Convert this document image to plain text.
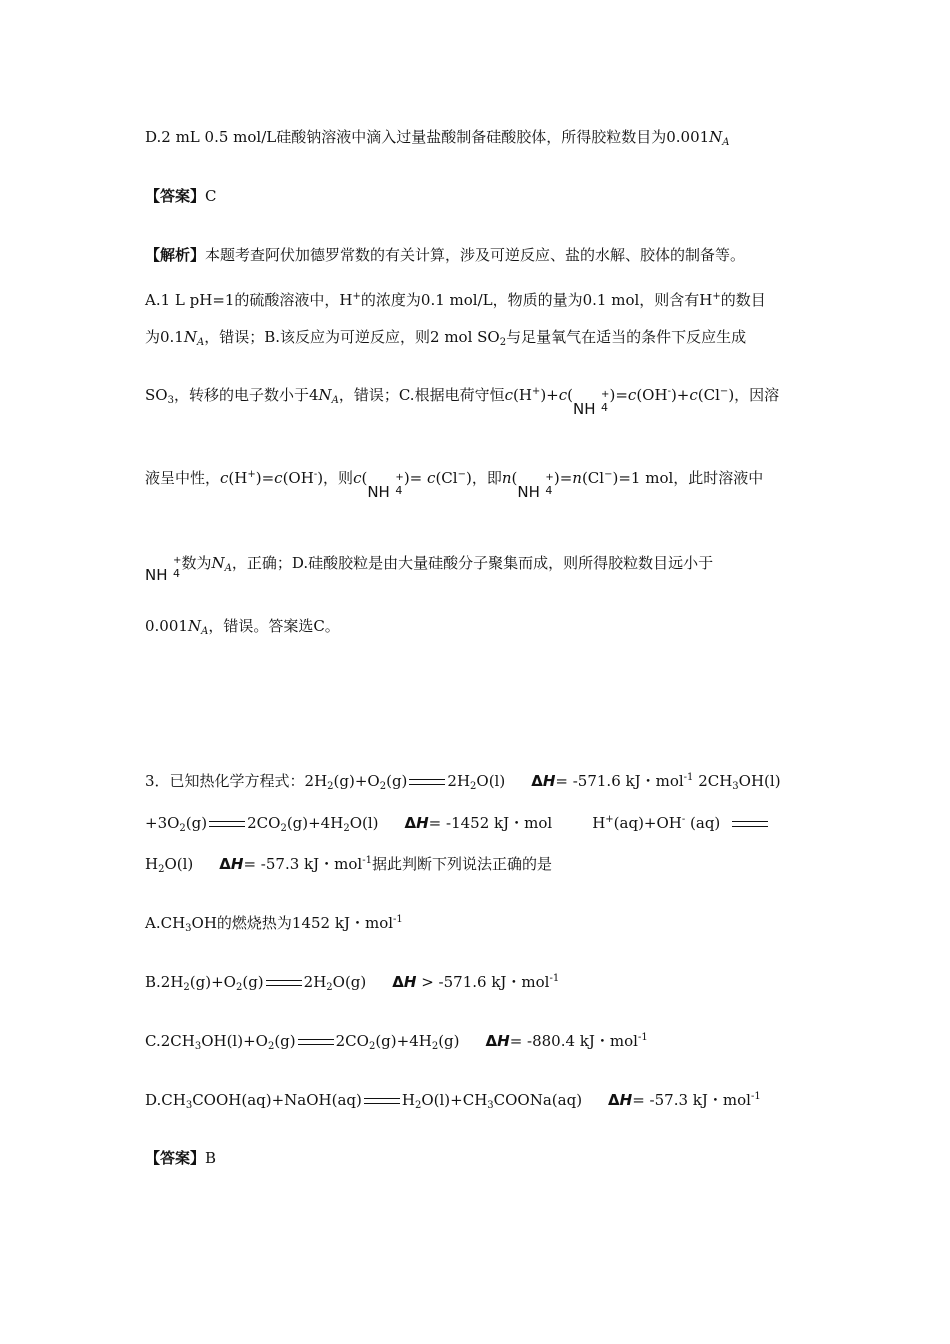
D.2 mL 0.5 mol/L硅酸钠溶液中滴入过量盐酸制备硅酸胶体，所得胶粒数目为$0.001N_A$
【答案】C
【解析】本题考查阿伏加德罗常数的有关计算，涉及可逆反应、盐的水解、胶体的制备等。
A.1 L pH=1的硫酸溶液中，H+的浓度为0.1 mol/L，物质的量为0.1 mol，则含有H+的数目
为$0.1N_A$，错误；B.该反应为可逆反应，则2 mol $SO_2$与足量氧气在适当的条件下反应生成
$SO_3$，转移的电子数小于$4N_A$，错误；C.根据电荷守恒c(H+)+c(NH
+
4
)=c(OH-)+c(Cl−)，因溶
液呈中性，c(H+)=c(OH-)，则c(NH
+
4
)= c(Cl−)，即n(NH
+
4
)=n(Cl−)=1 mol，此时溶液中
NH
+
4
数为$N_A$，正确；D.硅酸胶粒是由大量硅酸分子聚集而成，则所得胶粒数目远小于
$0.001N_A$，错误。答案选C。
3．已知热化学方程式：$2H_2(g)+O_2(g)$	$2H_2O(l)$ ΔH= -571.6 kJ・mol$^{-1}$ $2CH_3OH(l)$
$+3O_2(g)$	$2CO_2(g)+4H_2O(l)$ ΔH= -1452 kJ・mol	H+(aq)+OH- (aq)
$H_2O(l)$ ΔH= -57.3 kJ・mol$^{-1}$据此判断下列说法正确的是
$A.CH_3OH$的燃烧热为1452 kJ・mol$^{-1}$
$B.2H_2(g)+O_2(g)$	$2H_2O(g) \Delta H > -571.6$ kJ・mol$^{-1}$
$C.2CH_3OH(l)+O_2(g)$	$2CO_2(g)+4H_2(g)$ ΔH= -880.4 kJ・mol$^{-1}$
$D.CH_3COOH(aq)+NaOH(aq)$	$H_2O(l)+CH_3COONa(aq)$ ΔH= -57.3 kJ・mol$^{-1}$
【答案】B
